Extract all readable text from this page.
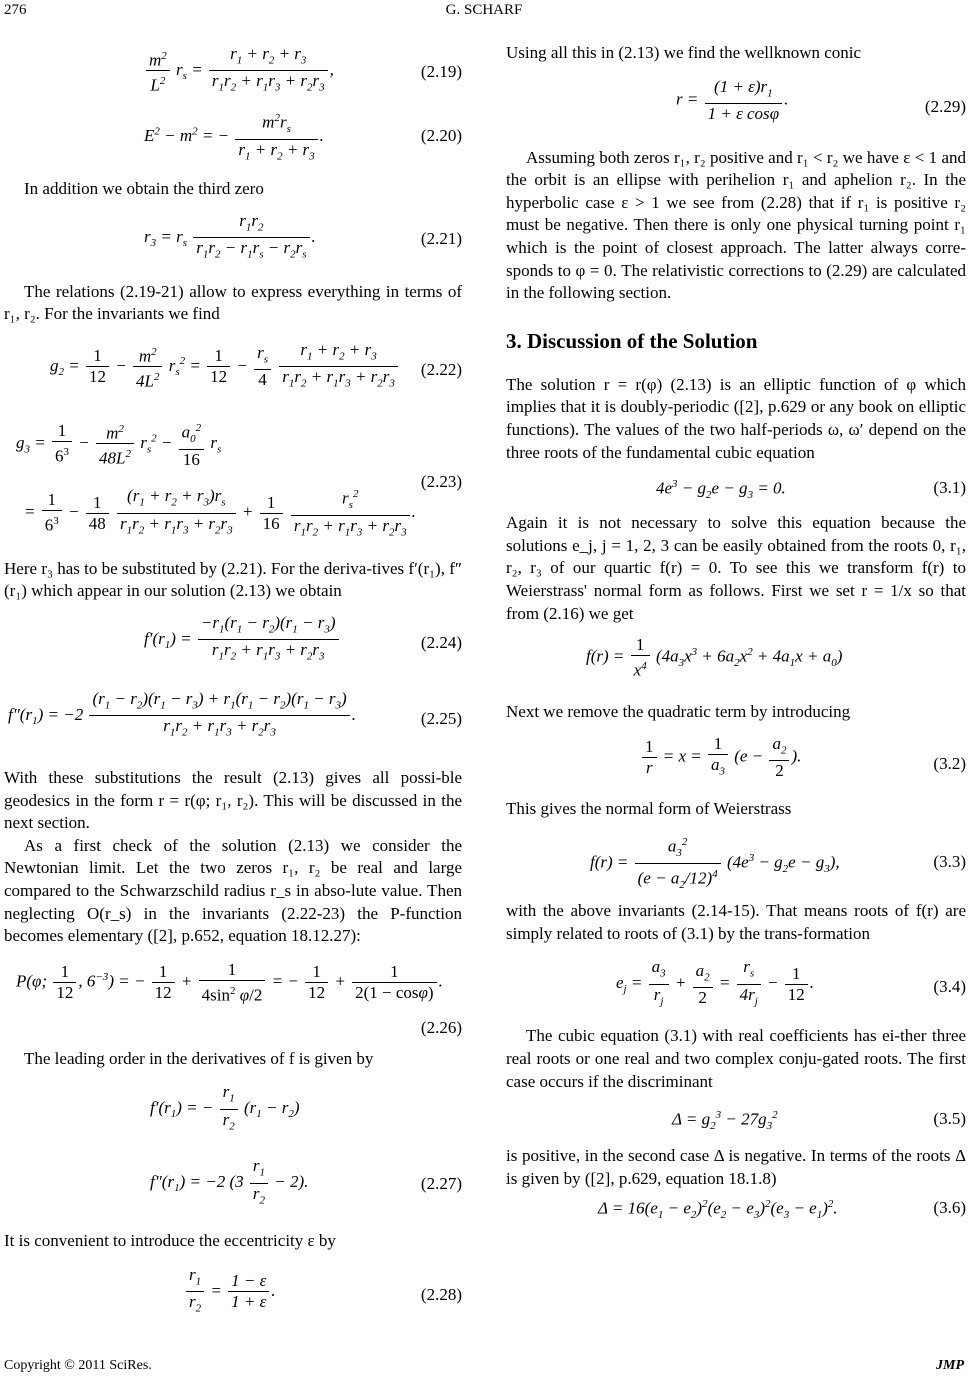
276	G. SCHARF
$\frac{m^2}{L^2} r_s = \frac{r_1 + r_2 + r_3}{r_1r_2 + r_1r_3 + r_2r_3}$ ,	(2.19)
$E^2 - m^2$ = − $\frac{m^2r_s}{r_1 + r_2 + r_3}$ .	(2.20)

In addition we obtain the third zero

$r_3 = r_s \frac{r_1r_2}{r_1r_2 - r_1r_s - r_2r_s}$ .	(2.21)

The relations (2.19-21) allow to express everything in terms of r₁, r₂. For the invariants we find

$g_2 = \frac{1}{12} - \frac{m^2}{4L^2} r_s^2 = \frac{1}{12} - \frac{r_s}{4}$
$\frac{r_1 + r_2 + r_3}{r_1r_2 + r_1r_3 + r_2r_3} (2.22)$
$g_3 = \frac{1}{6^3} - \frac{m^2}{48L^2} r_s^2 - \frac{a_0^2}{16} r_s$
= $\frac{1}{6^3} - \frac{1}{48}$
$\frac{(r_1 + r_2 + r_3)r_s}{r_1r_2 + r_1r_3 + r_2r_3} + \frac{1}{16}$
$\frac{r_s^2}{r_1r_2 + r_1r_3 + r_2r_3}$ .
(2.23)

Here r₃ has to be substituted by (2.21). For the deriva-tives f′(r₁), f″(r₁) which appear in our solution (2.13) we obtain

$f'(r_1) = \frac{-r_1(r_1 - r_2)(r_1 - r_3)}{r_1r_2 + r_1r_3 + r_2r_3}$	(2.24)
$f''(r_1) = -2 \frac{(r_1 - r_2)(r_1 - r_3) + r_1(r_1 - r_2)(r_1 - r_3)}{r_1r_2 + r_1r_3 + r_2r_3}$ .	(2.25)

With these substitutions the result (2.13) gives all possi-ble geodesics in the form r = r(φ; r₁, r₂). This will be discussed in the next section.

As a first check of the solution (2.13) we consider the Newtonian limit. Let the two zeros r₁, r₂ be real and large compared to the Schwarzschild radius r_s in abso-lute value. Then neglecting O(r_s) in the invariants (2.22-23) the P-function becomes elementary ([2], p.652, equation 18.12.27):

P(φ; $\frac{1}{12}$ , $6^{-3}$) = − $\frac{1}{12} + \frac{1}{4\sin^2 \varphi/2}$ = − $\frac{1}{12} + \frac{1}{2(1 - \cos\varphi)}$ .
(2.26)

The leading order in the derivatives of f is given by

$f'(r_1)$ = − $\frac{r_1}{r_2} (r_1 - r_2)$
$f''(r_1) = -2$ $(3 \frac{r_1}{r_2} - 2)$.	(2.27)

It is convenient to introduce the eccentricity ε by

$\frac{r_1}{r_2} = \frac{1 - \varepsilon}{1 + \varepsilon}$ .	(2.28)

Using all this in (2.13) we find the wellknown conic

$r = \frac{(1 + \varepsilon)r_1}{\text{1 + ε cosφ}}$ .	(2.29)

Assuming both zeros r₁, r₂ positive and r₁ < r₂ we have ε < 1 and the orbit is an ellipse with perihelion r₁ and aphelion r₂. In the hyperbolic case ε > 1 we see from (2.28) that if r₁ is positive r₂ must be negative. Then there is only one physical turning point r₁ which is the point of closest approach. The latter always corre-sponds to φ = 0. The relativistic corrections to (2.29) are calculated in the following section.

3. Discussion of the Solution

The solution r = r(φ) (2.13) is an elliptic function of φ which implies that it is doubly-periodic ([2], p.629 or any book on elliptic functions). The values of the two half-periods ω, ω′ depend on the three roots of the fundamental cubic equation

$4e^3 - g_2e - g_3 = 0$.	(3.1)

Again it is not necessary to solve this equation because the solutions e_j, j = 1, 2, 3 can be easily obtained from the roots 0, r₁, r₂, r₃ of our quartic f(r) = 0. To see this we transform f(r) to Weierstrass' normal form as follows. First we set r = 1/x so that from (2.16) we get

$f(r) = \frac{1}{x^4} (4a_3x^3 + 6a_2x^2 + 4a_1x + a_0)$

Next we remove the quadratic term by introducing

$\frac{1}{r} = x = \frac{1}{a_3} (e - \frac{a_2}{2}$ ).	(3.2)

This gives the normal form of Weierstrass

$f(r) = \frac{a_3^2}{(e - a_2/12)^4} (4e^3 - g_2e - g_3)$,	(3.3)

with the above invariants (2.14-15). That means roots of f(r) are simply related to roots of (3.1) by the trans-formation

$e_j = \frac{a_3}{r_j} + \frac{a_2}{2} = \frac{r_s}{4r_j} - \frac{1}{12}$ .	(3.4)

The cubic equation (3.1) with real coefficients has ei-ther three real roots or one real and two complex conju-gated roots. The first case occurs if the discriminant

$\Delta = g_2^3 - 27g_3^2$	(3.5)

is positive, in the second case Δ is negative. In terms of the roots Δ is given by ([2], p.629, equation 18.1.8)

$\Delta = 16(e_1 - e_2)^2(e_2 - e_3)^2(e_3 - e_1)^2$.	(3.6)
Copyright © 2011 SciRes.	JMP
